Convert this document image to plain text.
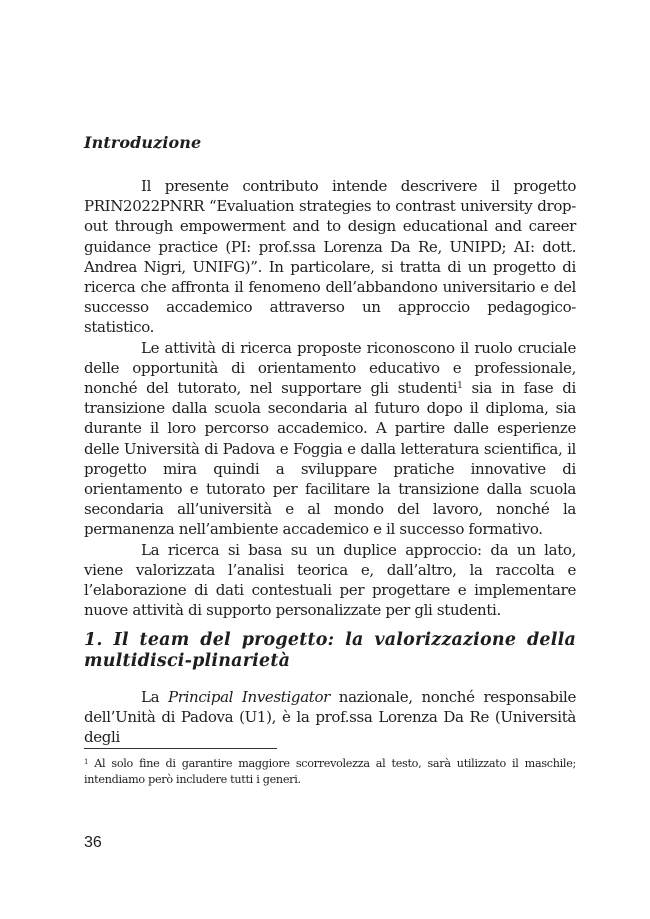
Introduzione

Il presente contributo intende descrivere il progetto PRIN2022PNRR “Evaluation strategies to contrast university drop-out through empowerment and to design educational and career guidance practice (PI: prof.ssa Lorenza Da Re, UNIPD; AI: dott. Andrea Nigri, UNIFG)”. In particolare, si tratta di un progetto di ricerca che affronta il fenomeno dell’abbandono universitario e del successo accademico attraverso un approccio pedagogico-statistico.

Le attività di ricerca proposte riconoscono il ruolo cruciale delle opportunità di orientamento educativo e professionale, nonché del tutorato, nel supportare gli studenti$^1$ sia in fase di transizione dalla scuola secondaria al futuro dopo il diploma, sia durante il loro percorso accademico. A partire dalle esperienze delle Università di Padova e Foggia e dalla letteratura scientifica, il progetto mira quindi a sviluppare pratiche innovative di orientamento e tutorato per facilitare la transizione dalla scuola secondaria all’università e al mondo del lavoro, nonché la permanenza nell’ambiente accademico e il successo formativo.

La ricerca si basa su un duplice approccio: da un lato, viene valorizzata l’analisi teorica e, dall’altro, la raccolta e l’elaborazione di dati contestuali per progettare e implementare nuove attività di supporto personalizzate per gli studenti.

1. Il team del progetto: la valorizzazione della multidisci-plinarietà

La Principal Investigator nazionale, nonché responsabile dell’Unità di Padova (U1), è la prof.ssa Lorenza Da Re (Università degli

$^1$ Al solo fine di garantire maggiore scorrevolezza al testo, sarà utilizzato il maschile; intendiamo però includere tutti i generi.

36
